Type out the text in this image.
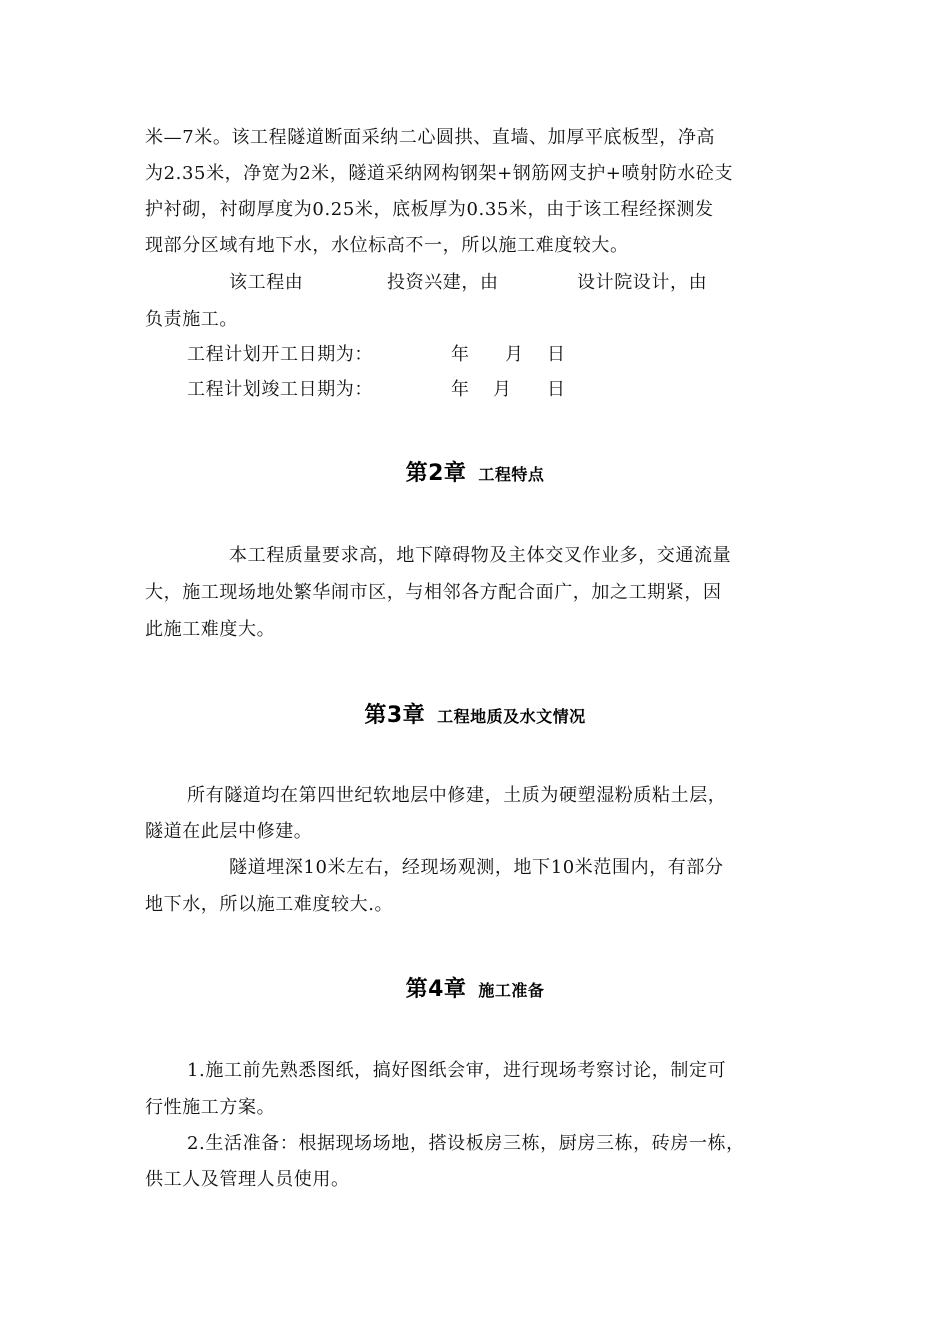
米—7米。该工程隧道断面采纳二心圆拱、直墙、加厚平底板型，净高
为2.35米，净宽为2米，隧道采纳网构钢架+钢筋网支护+喷射防水砼支
护衬砌，衬砌厚度为0.25米，底板厚为0.35米，由于该工程经探测发
现部分区域有地下水，水位标高不一，所以施工难度较大。
该工程由	投资兴建，由	设计院设计，由
负责施工。
工程计划开工日期为：	年 月 日
工程计划竣工日期为：	年 月 日
第2章 工程特点
本工程质量要求高，地下障碍物及主体交叉作业多，交通流量
大，施工现场地处繁华闹市区，与相邻各方配合面广，加之工期紧，因
此施工难度大。
第3章 工程地质及水文情况
所有隧道均在第四世纪软地层中修建，土质为硬塑湿粉质粘土层，
隧道在此层中修建。
隧道埋深10米左右，经现场观测，地下10米范围内，有部分
地下水，所以施工难度较大.。
第4章 施工准备
1.施工前先熟悉图纸，搞好图纸会审，进行现场考察讨论，制定可
行性施工方案。
2.生活准备：根据现场场地，搭设板房三栋，厨房三栋，砖房一栋，
供工人及管理人员使用。
